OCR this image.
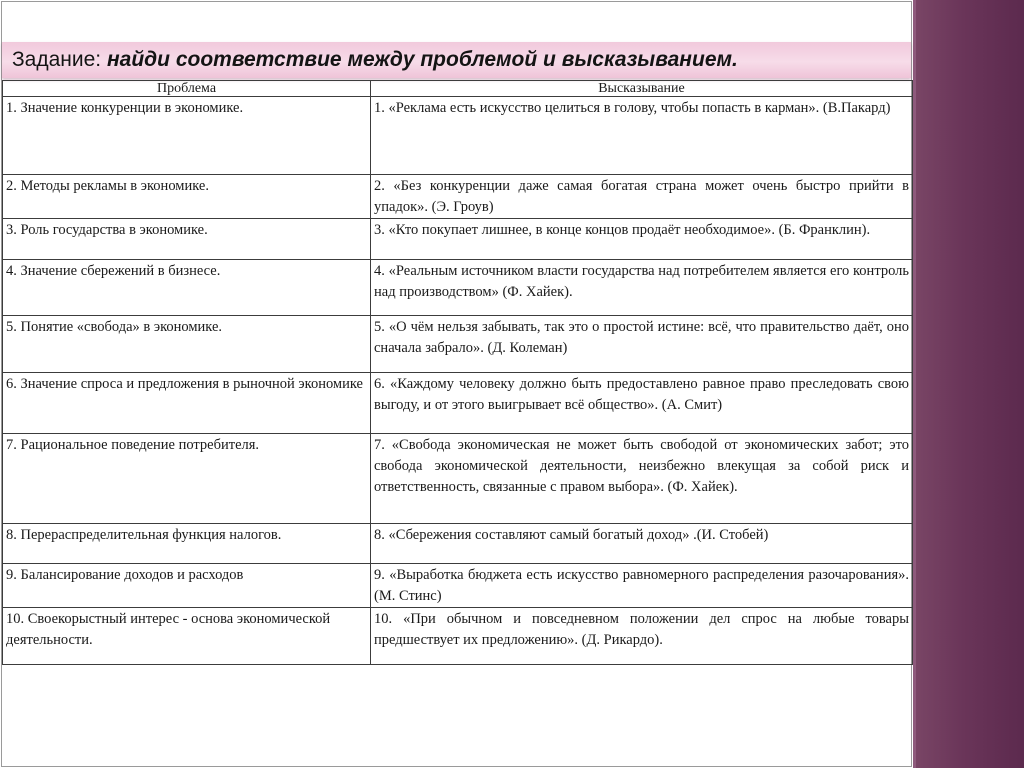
Задание: найди соответствие между проблемой и высказыванием.
Проблема	Высказывание
1. Значение конкуренции в экономике.	1. «Реклама есть искусство целиться в голову, чтобы попасть в карман». (В.Пакард)
2. Методы рекламы в экономике.	2. «Без конкуренции даже самая богатая страна может очень быстро прийти в упадок». (Э. Гроув)
3. Роль государства в экономике.	3. «Кто покупает лишнее, в конце концов продаёт необходимое». (Б. Франклин).
4. Значение сбережений в бизнесе.	4. «Реальным источником власти государства над потребителем является его контроль над производством» (Ф. Хайек).
5. Понятие «свобода» в экономике.	5. «О чём нельзя забывать, так это о простой истине: всё, что правительство даёт, оно сначала забрало». (Д. Колеман)
6. Значение спроса и предложения в рыночной экономике	6. «Каждому человеку должно быть предоставлено равное право преследовать свою выгоду, и от этого выигрывает всё общество». (А. Смит)
7. Рациональное поведение потребителя.	7. «Свобода экономическая не может быть свободой от экономических забот; это свобода экономической деятельности, неизбежно влекущая за собой риск и ответственность, связанные с правом выбора». (Ф. Хайек).
8. Перераспределительная функция налогов.	8. «Сбережения составляют самый богатый доход» .(И. Стобей)
9. Балансирование доходов и расходов	9. «Выработка бюджета есть искусство равномерного распределения разочарования». (М. Стинс)
10. Своекорыстный интерес - основа экономической деятельности.	10. «При обычном и повседневном положении дел спрос на любые товары предшествует их предложению». (Д. Рикардо).
